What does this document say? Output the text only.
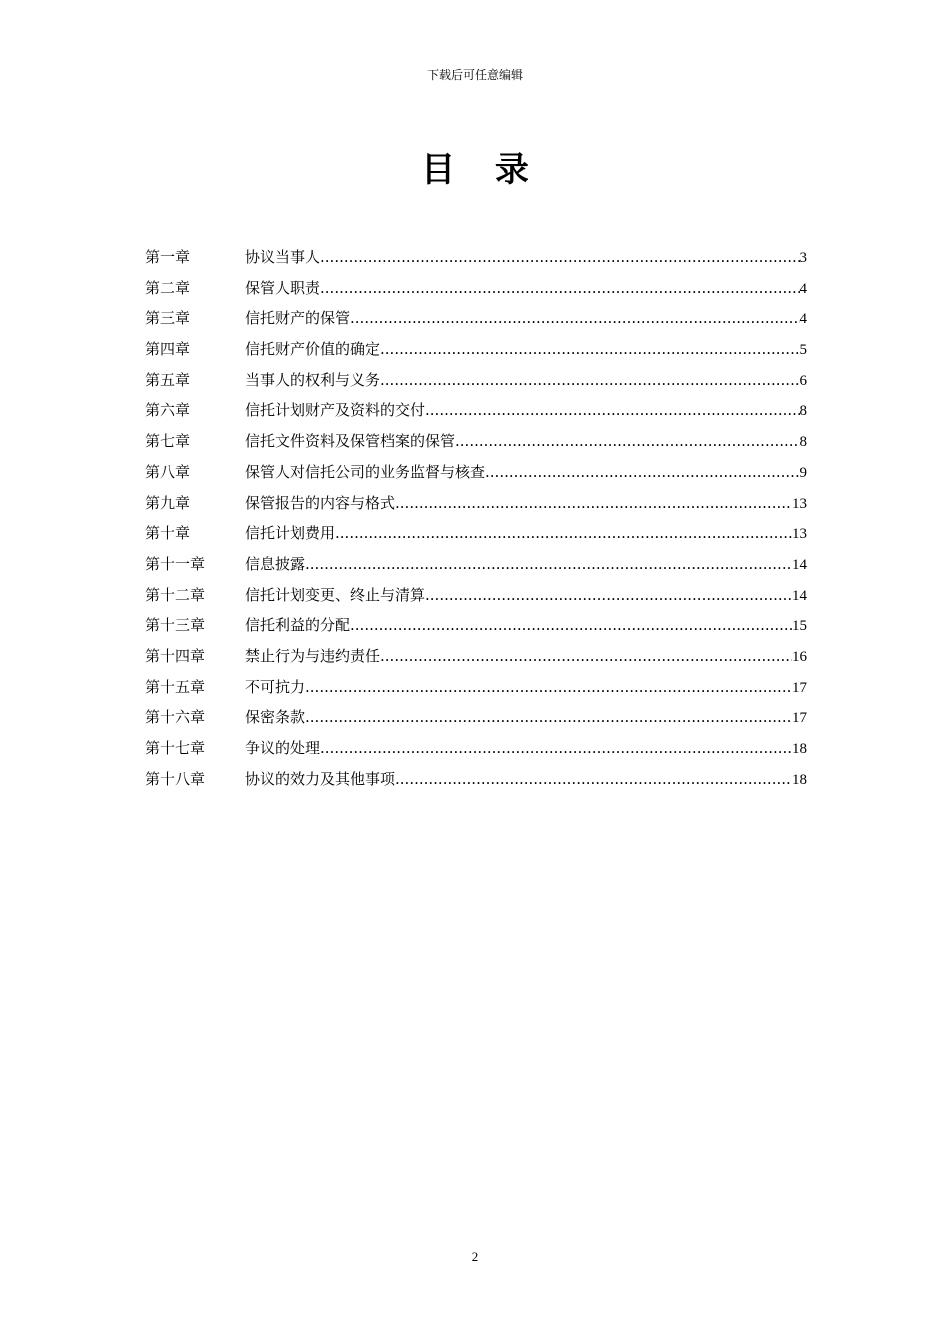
下载后可任意编辑
目 录
第一章	协议当事人 .....	3
第二章	保管人职责 .....	4
第三章	信托财产的保管 .....	4
第四章	信托财产价值的确定 .....	5
第五章	当事人的权利与义务 .....	6
第六章	信托计划财产及资料的交付 .....	8
第七章	信托文件资料及保管档案的保管 .....	8
第八章	保管人对信托公司的业务监督与核查 .....	9
第九章	保管报告的内容与格式 .....	13
第十章	信托计划费用 .....	13
第十一章	信息披露 .....	14
第十二章	信托计划变更、终止与清算 .....	14
第十三章	信托利益的分配 .....	15
第十四章	禁止行为与违约责任 .....	16
第十五章	不可抗力 .....	17
第十六章	保密条款 .....	17
第十七章	争议的处理 .....	18
第十八章	协议的效力及其他事项 .....	18
2
